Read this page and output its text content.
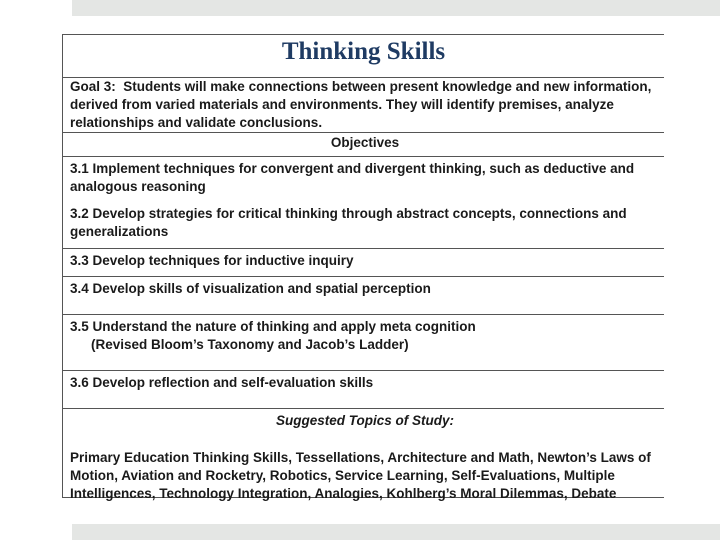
Thinking Skills
Goal 3: Students will make connections between present knowledge and new information, derived from varied materials and environments. They will identify premises, analyze relationships and validate conclusions.
Objectives
3.1 Implement techniques for convergent and divergent thinking, such as deductive and analogous reasoning
3.2 Develop strategies for critical thinking through abstract concepts, connections and generalizations
3.3 Develop techniques for inductive inquiry
3.4 Develop skills of visualization and spatial perception
3.5 Understand the nature of thinking and apply meta cognition
(Revised Bloom’s Taxonomy and Jacob’s Ladder)
3.6 Develop reflection and self-evaluation skills
Suggested Topics of Study:
Primary Education Thinking Skills, Tessellations, Architecture and Math, Newton’s Laws of Motion, Aviation and Rocketry, Robotics, Service Learning, Self-Evaluations, Multiple Intelligences, Technology Integration, Analogies, Kohlberg’s Moral Dilemmas, Debate
